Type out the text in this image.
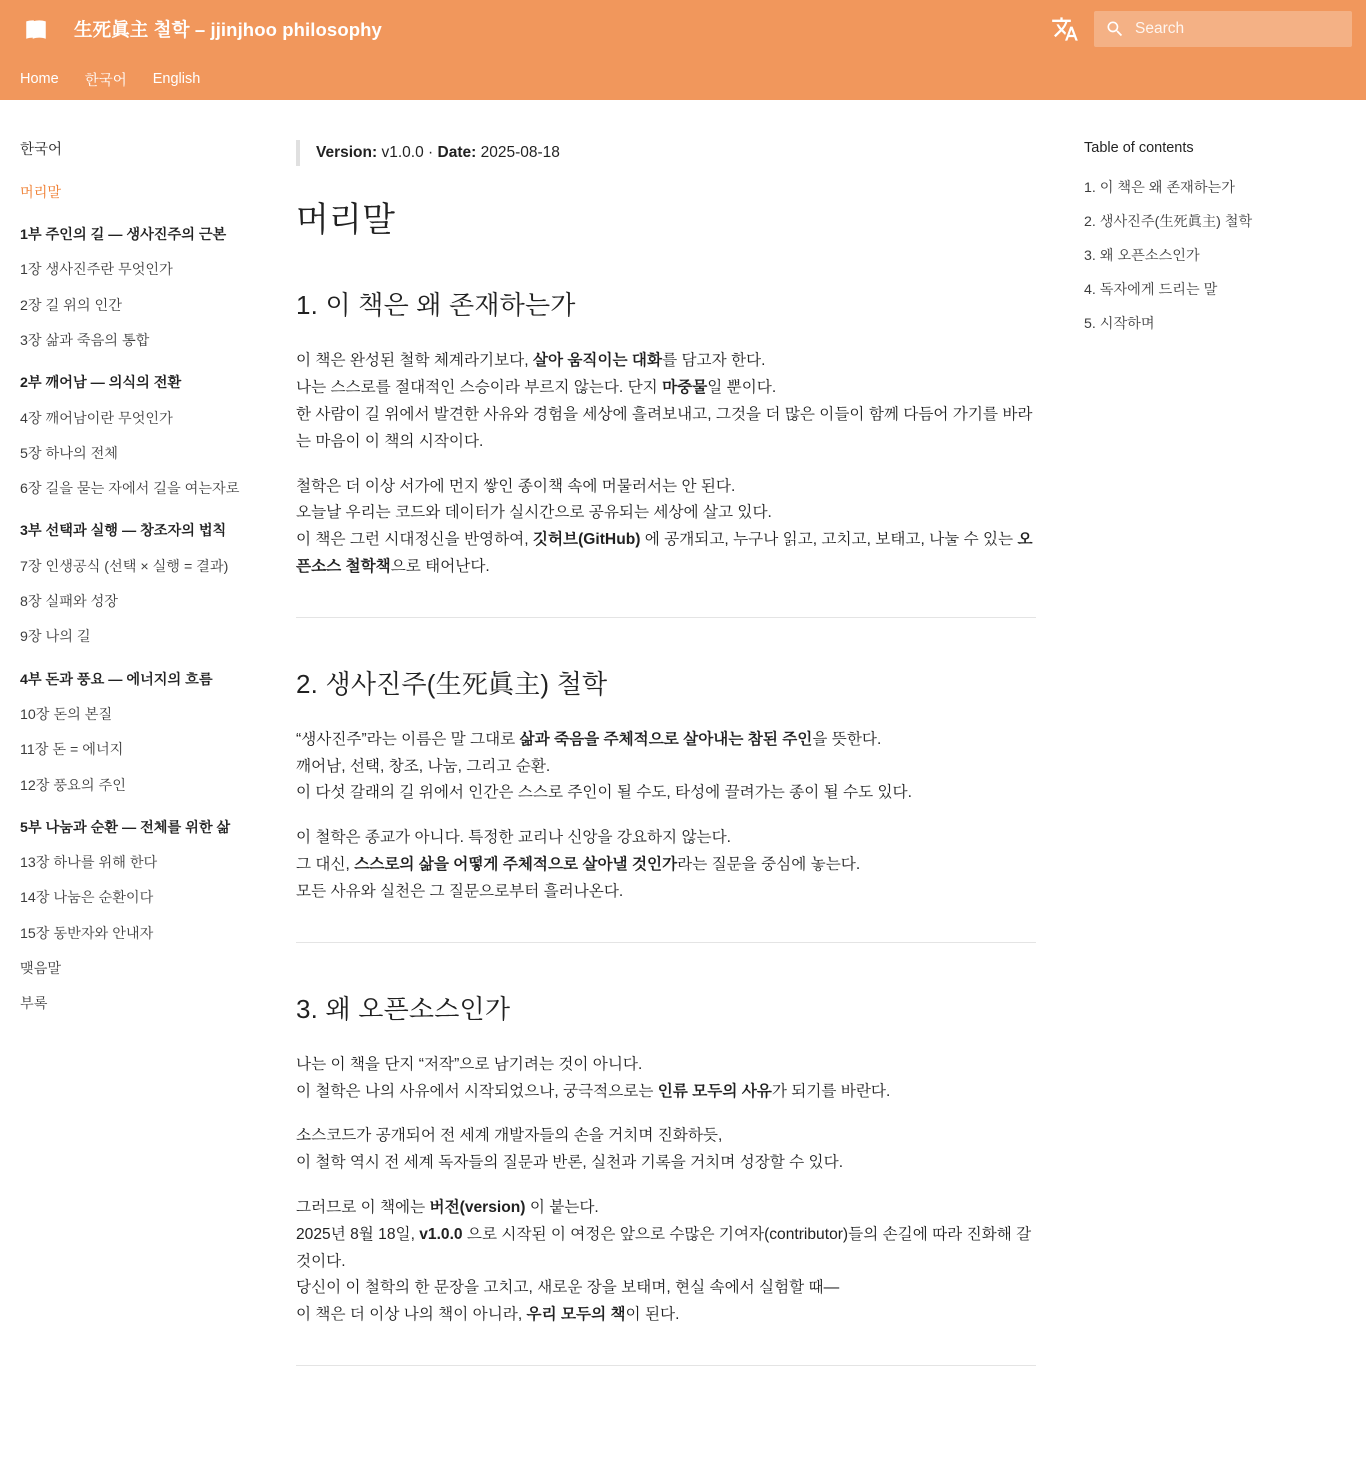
生死眞主 철학 – jjinjhoo philosophy
Search
Home 한국어 English
한국어
머리말
1부 주인의 길 — 생사진주의 근본
1장 생사진주란 무엇인가
2장 길 위의 인간
3장 삶과 죽음의 통합
2부 깨어남 — 의식의 전환
4장 깨어남이란 무엇인가
5장 하나의 전체
6장 길을 묻는 자에서 길을 여는자로
3부 선택과 실행 — 창조자의 법칙
7장 인생공식 (선택 × 실행 = 결과)
8장 실패와 성장
9장 나의 길
4부 돈과 풍요 — 에너지의 흐름
10장 돈의 본질
11장 돈 = 에너지
12장 풍요의 주인
5부 나눔과 순환 — 전체를 위한 삶
13장 하나를 위해 한다
14장 나눔은 순환이다
15장 동반자와 안내자
맺음말
부록
Version: v1.0.0 · Date: 2025-08-18
머리말
1. 이 책은 왜 존재하는가

이 책은 완성된 철학 체계라기보다, 살아 움직이는 대화를 담고자 한다.
나는 스스로를 절대적인 스승이라 부르지 않는다. 단지 마중물일 뿐이다.
한 사람이 길 위에서 발견한 사유와 경험을 세상에 흘려보내고, 그것을 더 많은 이들이 함께 다듬어 가기를 바라는 마음이 이 책의 시작이다.

철학은 더 이상 서가에 먼지 쌓인 종이책 속에 머물러서는 안 된다.
오늘날 우리는 코드와 데이터가 실시간으로 공유되는 세상에 살고 있다.
이 책은 그런 시대정신을 반영하여, 깃허브(GitHub) 에 공개되고, 누구나 읽고, 고치고, 보태고, 나눌 수 있는 오픈소스 철학책으로 태어난다.

2. 생사진주(生死眞主) 철학

“생사진주”라는 이름은 말 그대로 삶과 죽음을 주체적으로 살아내는 참된 주인을 뜻한다.
깨어남, 선택, 창조, 나눔, 그리고 순환.
이 다섯 갈래의 길 위에서 인간은 스스로 주인이 될 수도, 타성에 끌려가는 종이 될 수도 있다.

이 철학은 종교가 아니다. 특정한 교리나 신앙을 강요하지 않는다.
그 대신, 스스로의 삶을 어떻게 주체적으로 살아낼 것인가라는 질문을 중심에 놓는다.
모든 사유와 실천은 그 질문으로부터 흘러나온다.

3. 왜 오픈소스인가

나는 이 책을 단지 “저작”으로 남기려는 것이 아니다.
이 철학은 나의 사유에서 시작되었으나, 궁극적으로는 인류 모두의 사유가 되기를 바란다.

소스코드가 공개되어 전 세계 개발자들의 손을 거치며 진화하듯,
이 철학 역시 전 세계 독자들의 질문과 반론, 실천과 기록을 거치며 성장할 수 있다.

그러므로 이 책에는 버전(version) 이 붙는다.
2025년 8월 18일, v1.0.0 으로 시작된 이 여정은 앞으로 수많은 기여자(contributor)들의 손길에 따라 진화해 갈 것이다.
당신이 이 철학의 한 문장을 고치고, 새로운 장을 보태며, 현실 속에서 실험할 때—
이 책은 더 이상 나의 책이 아니라, 우리 모두의 책이 된다.

Table of contents
1. 이 책은 왜 존재하는가
2. 생사진주(生死眞主) 철학
3. 왜 오픈소스인가
4. 독자에게 드리는 말
5. 시작하며
